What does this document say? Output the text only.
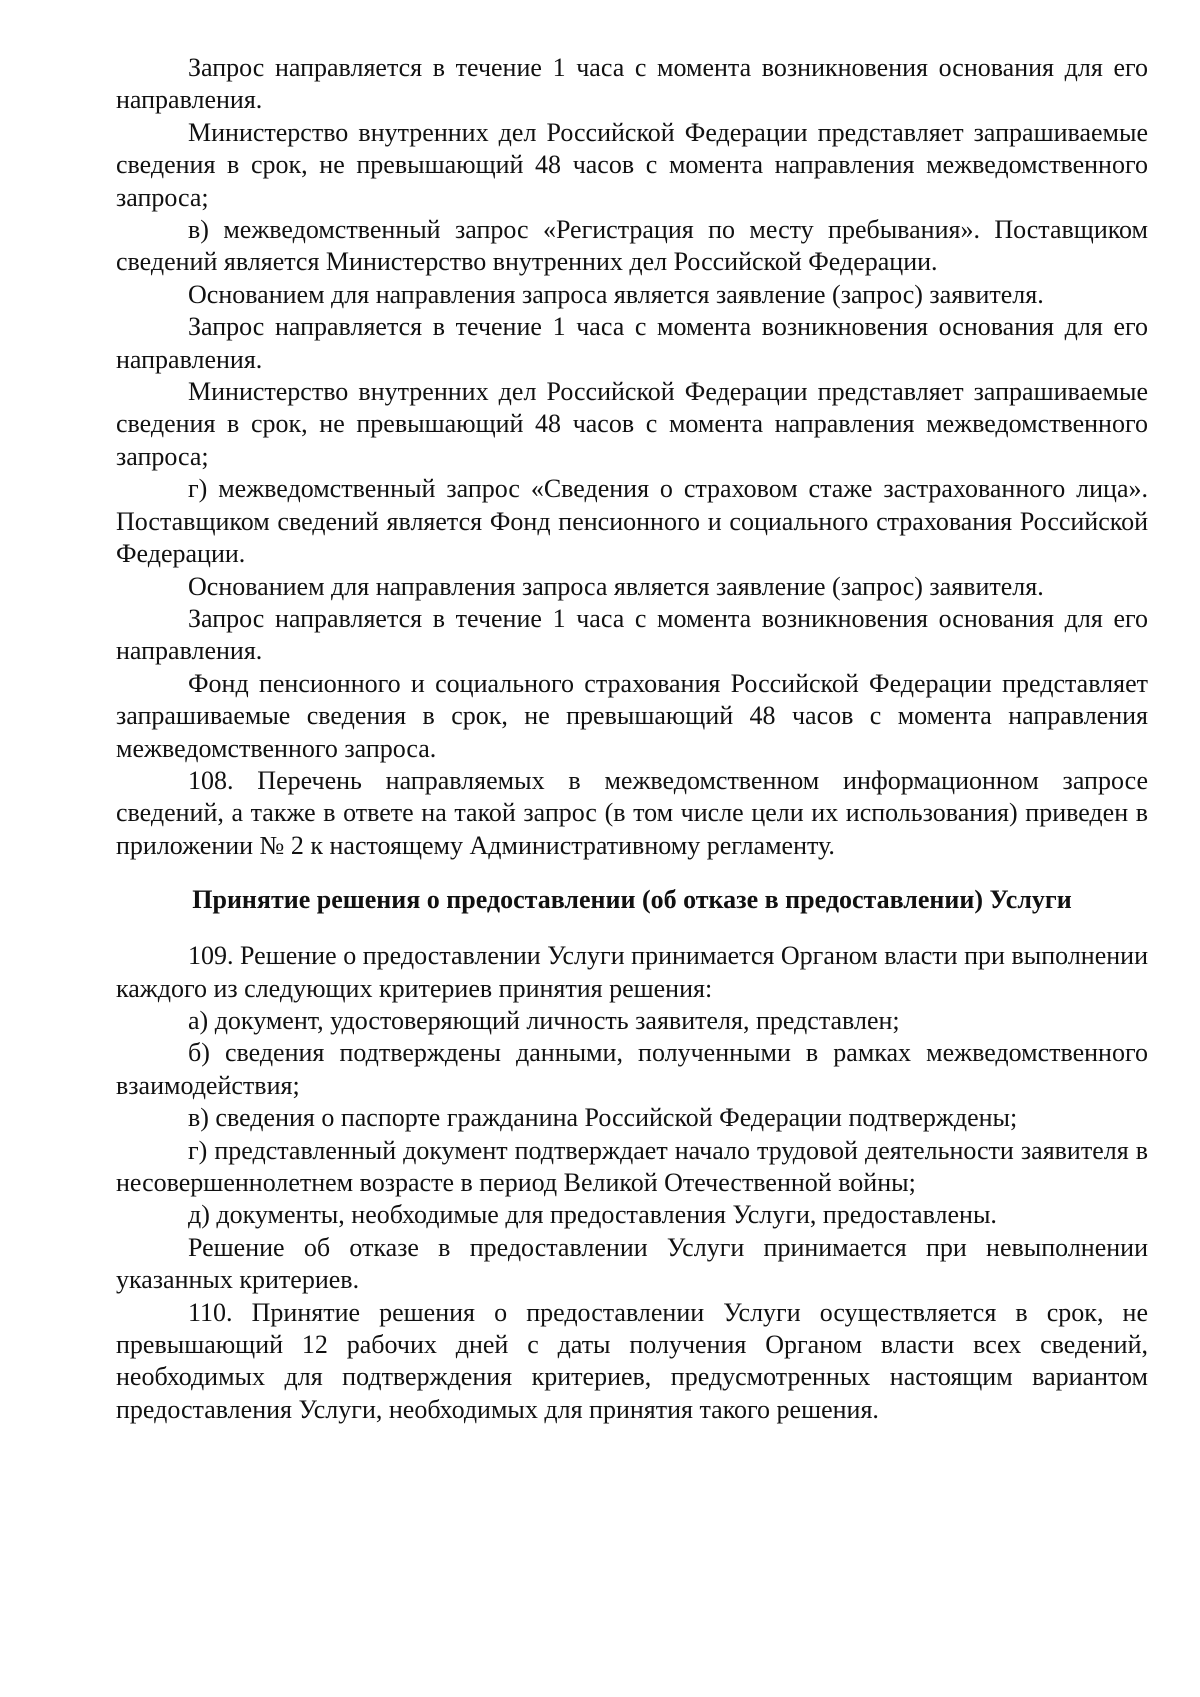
Запрос направляется в течение 1 часа с момента возникновения основания для его направления.

Министерство внутренних дел Российской Федерации представляет запрашиваемые сведения в срок, не превышающий 48 часов с момента направления межведомственного запроса;

в) межведомственный запрос «Регистрация по месту пребывания». Поставщиком сведений является Министерство внутренних дел Российской Федерации.

Основанием для направления запроса является заявление (запрос) заявителя.

Запрос направляется в течение 1 часа с момента возникновения основания для его направления.

Министерство внутренних дел Российской Федерации представляет запрашиваемые сведения в срок, не превышающий 48 часов с момента направления межведомственного запроса;

г) межведомственный запрос «Сведения о страховом стаже застрахованного лица». Поставщиком сведений является Фонд пенсионного и социального страхования Российской Федерации.

Основанием для направления запроса является заявление (запрос) заявителя.

Запрос направляется в течение 1 часа с момента возникновения основания для его направления.

Фонд пенсионного и социального страхования Российской Федерации представляет запрашиваемые сведения в срок, не превышающий 48 часов с момента направления межведомственного запроса.

108. Перечень направляемых в межведомственном информационном запросе сведений, а также в ответе на такой запрос (в том числе цели их использования) приведен в приложении № 2 к настоящему Административному регламенту.

Принятие решения о предоставлении (об отказе в предоставлении) Услуги

109. Решение о предоставлении Услуги принимается Органом власти при выполнении каждого из следующих критериев принятия решения:

а) документ, удостоверяющий личность заявителя, представлен;

б) сведения подтверждены данными, полученными в рамках межведомственного взаимодействия;

в) сведения о паспорте гражданина Российской Федерации подтверждены;

г) представленный документ подтверждает начало трудовой деятельности заявителя в несовершеннолетнем возрасте в период Великой Отечественной войны;

д) документы, необходимые для предоставления Услуги, предоставлены.

Решение об отказе в предоставлении Услуги принимается при невыполнении указанных критериев.

110. Принятие решения о предоставлении Услуги осуществляется в срок, не превышающий 12 рабочих дней с даты получения Органом власти всех сведений, необходимых для подтверждения критериев, предусмотренных настоящим вариантом предоставления Услуги, необходимых для принятия такого решения.
